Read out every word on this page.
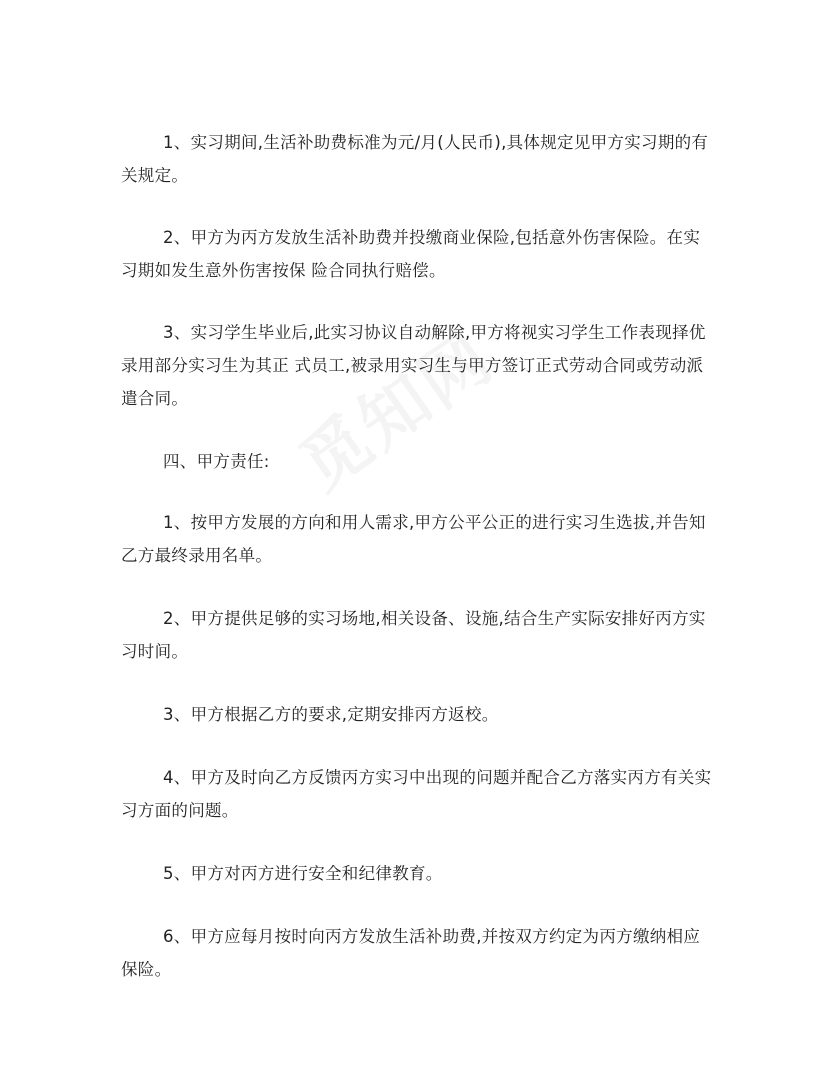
1、实习期间,生活补助费标准为元/月(人民币),具体规定见甲方实习期的有关规定。

2、甲方为丙方发放生活补助费并投缴商业保险,包括意外伤害保险。在实习期如发生意外伤害按保 险合同执行赔偿。

3、实习学生毕业后,此实习协议自动解除,甲方将视实习学生工作表现择优录用部分实习生为其正 式员工,被录用实习生与甲方签订正式劳动合同或劳动派遣合同。

四、甲方责任:

1、按甲方发展的方向和用人需求,甲方公平公正的进行实习生选拔,并告知乙方最终录用名单。

2、甲方提供足够的实习场地,相关设备、设施,结合生产实际安排好丙方实习时间。

3、甲方根据乙方的要求,定期安排丙方返校。

4、甲方及时向乙方反馈丙方实习中出现的问题并配合乙方落实丙方有关实习方面的问题。

5、甲方对丙方进行安全和纪律教育。

6、甲方应每月按时向丙方发放生活补助费,并按双方约定为丙方缴纳相应保险。
